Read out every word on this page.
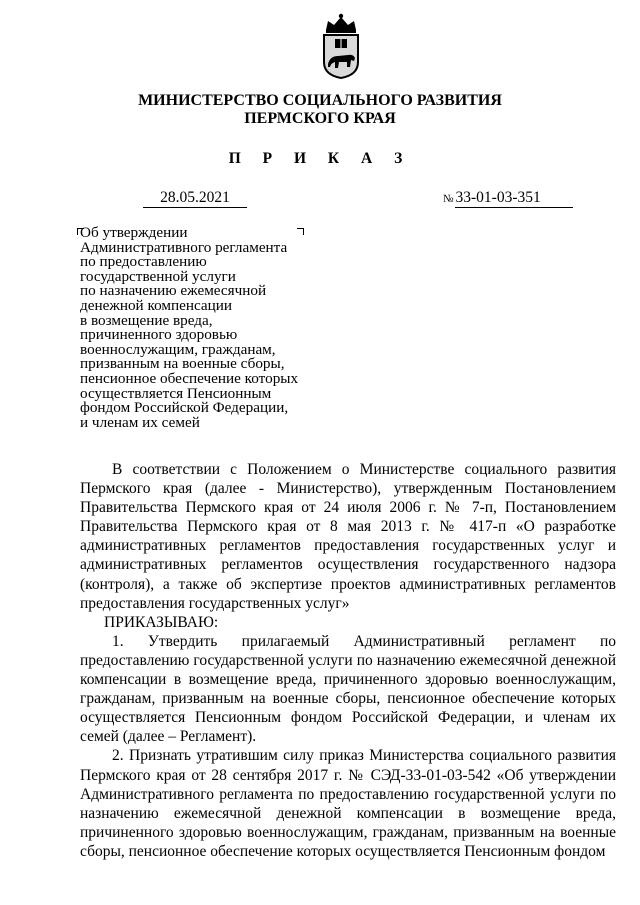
МИНИСТЕРСТВО СОЦИАЛЬНОГО РАЗВИТИЯ
ПЕРМСКОГО КРАЯ
П Р И К А З
28.05.2021	№ 33-01-03-351
Об утверждении
Административного регламента
по предоставлению
государственной услуги
по назначению ежемесячной
денежной компенсации
в возмещение вреда,
причиненного здоровью
военнослужащим, гражданам,
призванным на военные сборы,
пенсионное обеспечение которых
осуществляется Пенсионным
фондом Российской Федерации,
и членам их семей

В соответствии с Положением о Министерстве социального развития Пермского края (далее - Министерство), утвержденным Постановлением Правительства Пермского края от 24 июля 2006 г. № 7-п, Постановлением Правительства Пермского края от 8 мая 2013 г. № 417-п «О разработке административных регламентов предоставления государственных услуг и административных регламентов осуществления государственного надзора (контроля), а также об экспертизе проектов административных регламентов предоставления государственных услуг»

ПРИКАЗЫВАЮ:

1. Утвердить прилагаемый Административный регламент по предоставлению государственной услуги по назначению ежемесячной денежной компенсации в возмещение вреда, причиненного здоровью военнослужащим, гражданам, призванным на военные сборы, пенсионное обеспечение которых осуществляется Пенсионным фондом Российской Федерации, и членам их семей (далее – Регламент).

2. Признать утратившим силу приказ Министерства социального развития Пермского края от 28 сентября 2017 г. № СЭД-33-01-03-542 «Об утверждении Административного регламента по предоставлению государственной услуги по назначению ежемесячной денежной компенсации в возмещение вреда, причиненного здоровью военнослужащим, гражданам, призванным на военные сборы, пенсионное обеспечение которых осуществляется Пенсионным фондом
